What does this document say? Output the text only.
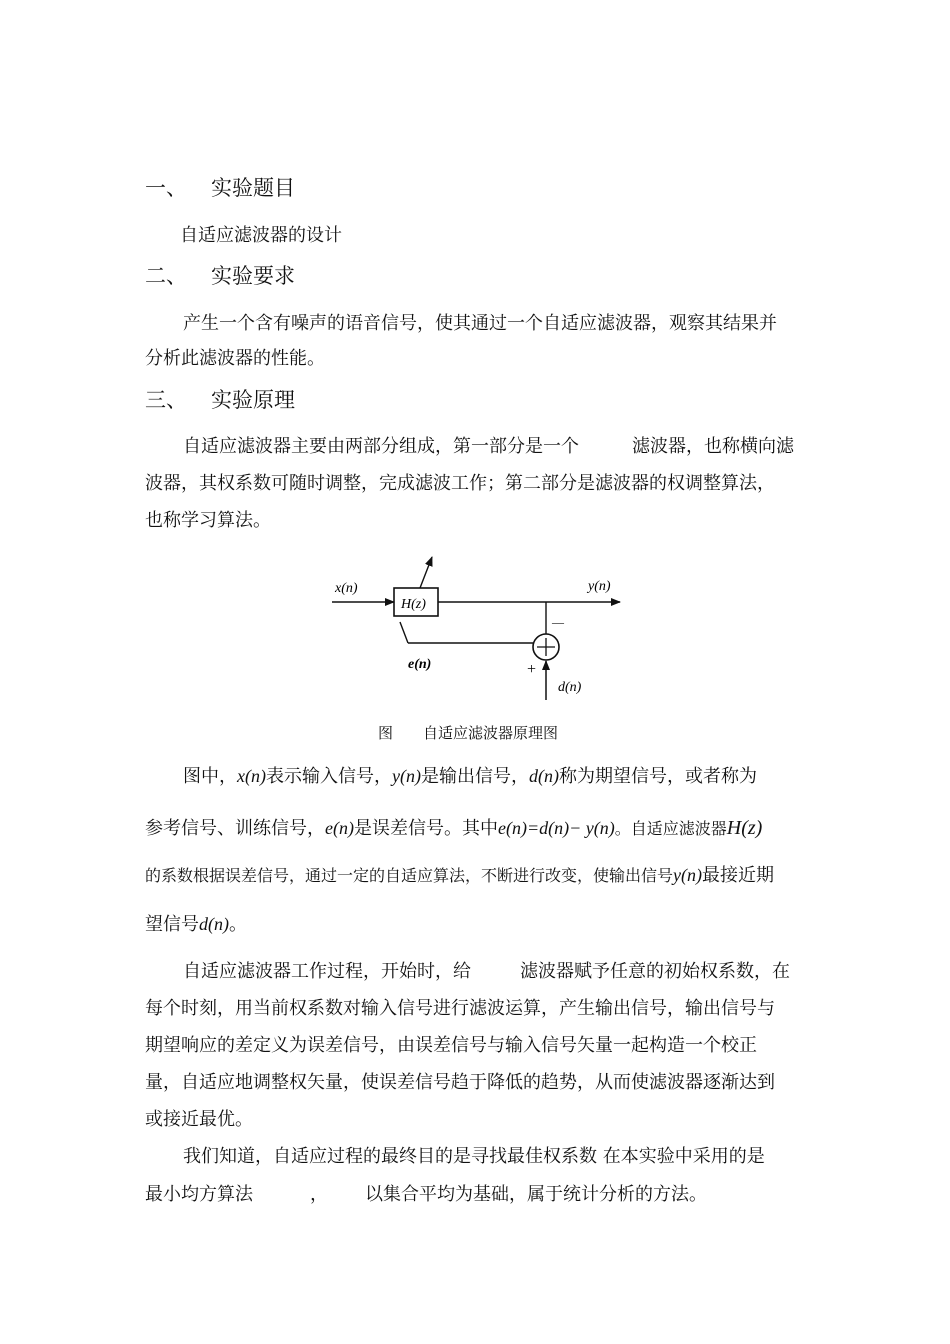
一、 实验题目
自适应滤波器的设计
二、 实验要求
产生一个含有噪声的语音信号，使其通过一个自适应滤波器，观察其结果并
分析此滤波器的性能。
三、 实验原理
自适应滤波器主要由两部分组成，第一部分是一个	滤波器，也称横向滤
波器，其权系数可随时调整，完成滤波工作；第二部分是滤波器的权调整算法，
也称学习算法。
H(z)
x(n)	y(n)
e(n)
d(n)
—
+
图 自适应滤波器原理图
图中，x(n)表示输入信号，y(n)是输出信号，d(n)称为期望信号，或者称为
参考信号、训练信号，e(n)是误差信号。其中e(n)=d(n)− y(n)。自适应滤波器H(z)
的系数根据误差信号，通过一定的自适应算法，不断进行改变，使输出信号y(n)最接近期
望信号d(n)。
自适应滤波器工作过程，开始时，给	滤波器赋予任意的初始权系数，在
每个时刻，用当前权系数对输入信号进行滤波运算，产生输出信号，输出信号与
期望响应的差定义为误差信号，由误差信号与输入信号矢量一起构造一个校正
量，自适应地调整权矢量，使误差信号趋于降低的趋势，从而使滤波器逐渐达到
或接近最优。
我们知道，自适应过程的最终目的是寻找最佳权系数 在本实验中采用的是
最小均方算法	， 以集合平均为基础，属于统计分析的方法。
